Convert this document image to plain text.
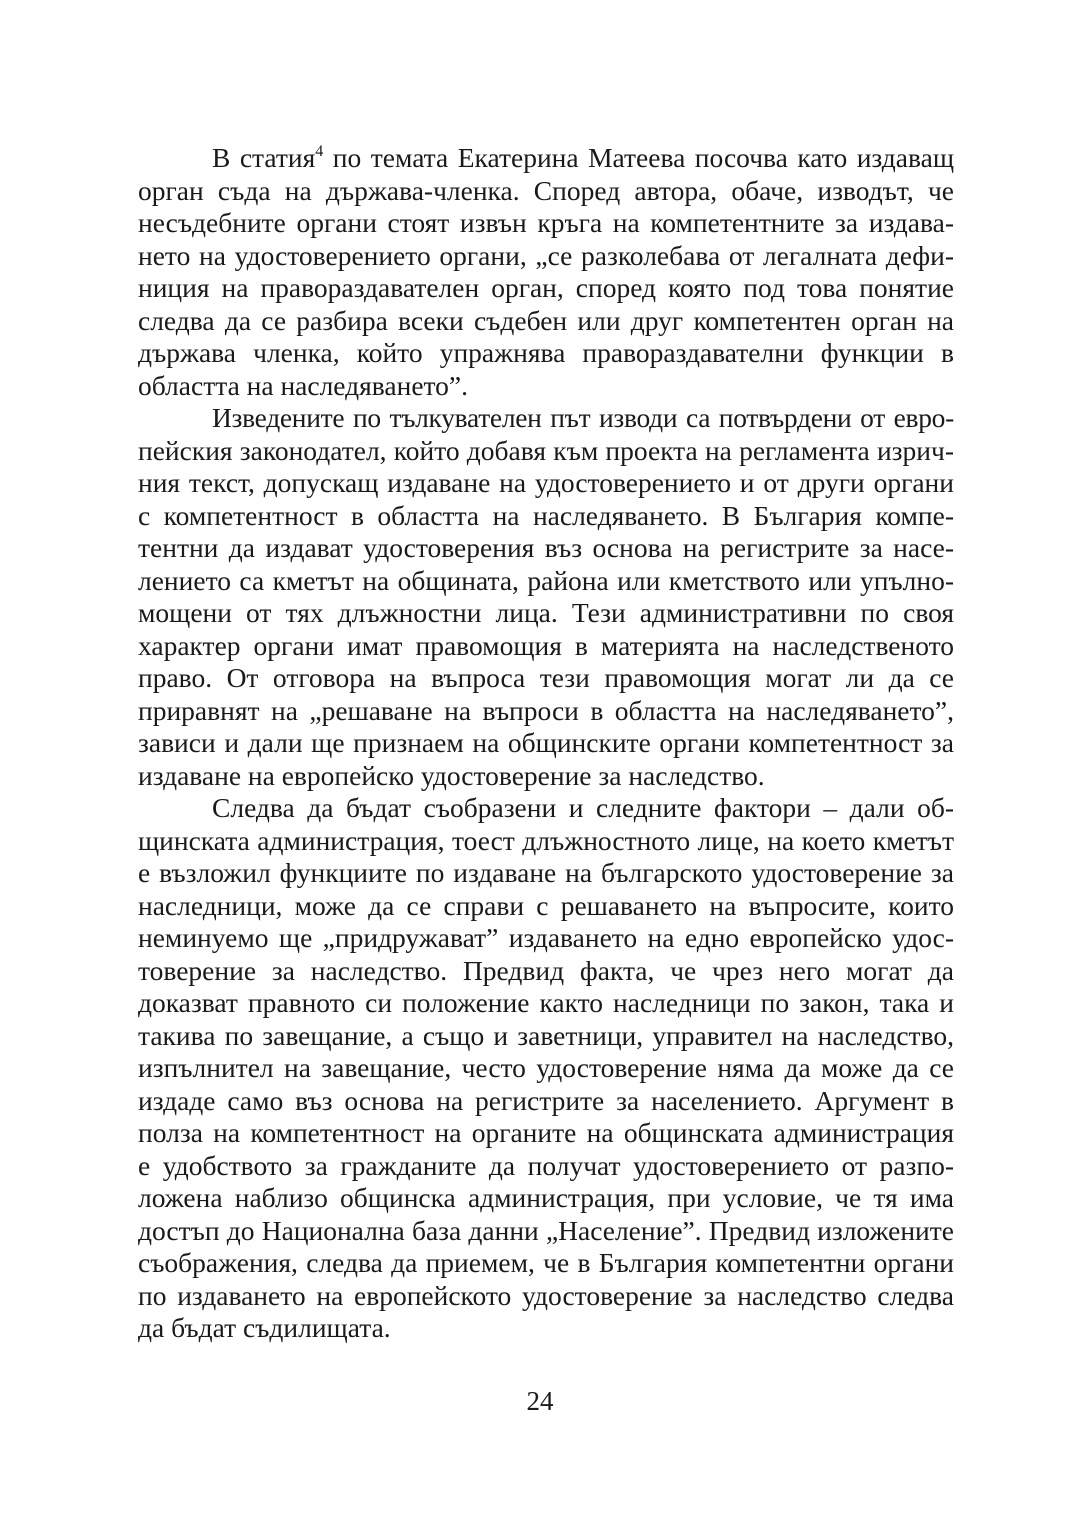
В статия$^4$ по темата Екатерина Матеева посочва като издаващ
орган съда на държава-членка. Според автора, обаче, изводът, че
несъдебните органи стоят извън кръга на компетентните за издава-
нето на удостоверението органи, „се разколебава от легалната дефи-
ниция на правораздавателен орган, според която под това понятие
следва да се разбира всеки съдебен или друг компетентен орган на
държава членка, който упражнява правораздавателни функции в
областта на наследяването”.
Изведените по тълкувателен път изводи са потвърдени от евро-
пейския законодател, който добавя към проекта на регламента изрич-
ния текст, допускащ издаване на удостоверението и от други органи
с компетентност в областта на наследяването. В България компе-
тентни да издават удостоверения въз основа на регистрите за насе-
лението са кметът на общината, района или кметството или упълно-
мощени от тях длъжностни лица. Тези административни по своя
характер органи имат правомощия в материята на наследственото
право. От отговора на въпроса тези правомощия могат ли да се
приравнят на „решаване на въпроси в областта на наследяването”,
зависи и дали ще признаем на общинските органи компетентност за
издаване на европейско удостоверение за наследство.
Следва да бъдат съобразени и следните фактори – дали об-
щинската администрация, тоест длъжностното лице, на което кметът
е възложил функциите по издаване на българското удостоверение за
наследници, може да се справи с решаването на въпросите, които
неминуемо ще „придружават” издаването на едно европейско удос-
товерение за наследство. Предвид факта, че чрез него могат да
доказват правното си положение както наследници по закон, така и
такива по завещание, а също и заветници, управител на наследство,
изпълнител на завещание, често удостоверение няма да може да се
издаде само въз основа на регистрите за населението. Аргумент в
полза на компетентност на органите на общинската администрация
е удобството за гражданите да получат удостоверението от разпо-
ложена наблизо общинска администрация, при условие, че тя има
достъп до Национална база данни „Население”. Предвид изложените
съображения, следва да приемем, че в България компетентни органи
по издаването на европейското удостоверение за наследство следва
да бъдат съдилищата.
24
